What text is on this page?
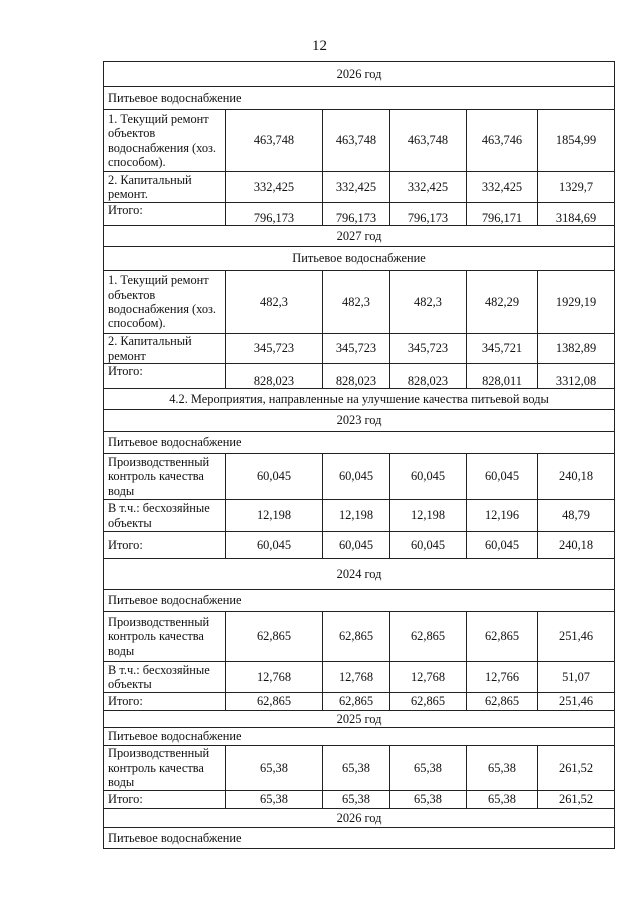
12
2026 год					
Питьевое водоснабжение					
1. Текущий ремонт объектов водоснабжения (хоз. способом).	463,748	463,748	463,748	463,746	1854,99
2. Капитальный ремонт.	332,425	332,425	332,425	332,425	1329,7
Итого:	796,173	796,173	796,173	796,171	3184,69
2027 год					
Питьевое водоснабжение					
1. Текущий ремонт объектов водоснабжения (хоз. способом).	482,3	482,3	482,3	482,29	1929,19
2. Капитальный ремонт	345,723	345,723	345,723	345,721	1382,89
Итого:	828,023	828,023	828,023	828,011	3312,08
4.2. Мероприятия, направленные на улучшение качества питьевой воды					
2023 год					
Питьевое водоснабжение					
Производственный контроль качества воды	60,045	60,045	60,045	60,045	240,18
В т.ч.: бесхозяйные объекты	12,198	12,198	12,198	12,196	48,79
Итого:	60,045	60,045	60,045	60,045	240,18
2024 год					
Питьевое водоснабжение					
Производственный контроль качества воды	62,865	62,865	62,865	62,865	251,46
В т.ч.: бесхозяйные объекты	12,768	12,768	12,768	12,766	51,07
Итого:	62,865	62,865	62,865	62,865	251,46
2025 год					
Питьевое водоснабжение					
Производственный контроль качества воды	65,38	65,38	65,38	65,38	261,52
Итого:	65,38	65,38	65,38	65,38	261,52
2026 год					
Питьевое водоснабжение					
